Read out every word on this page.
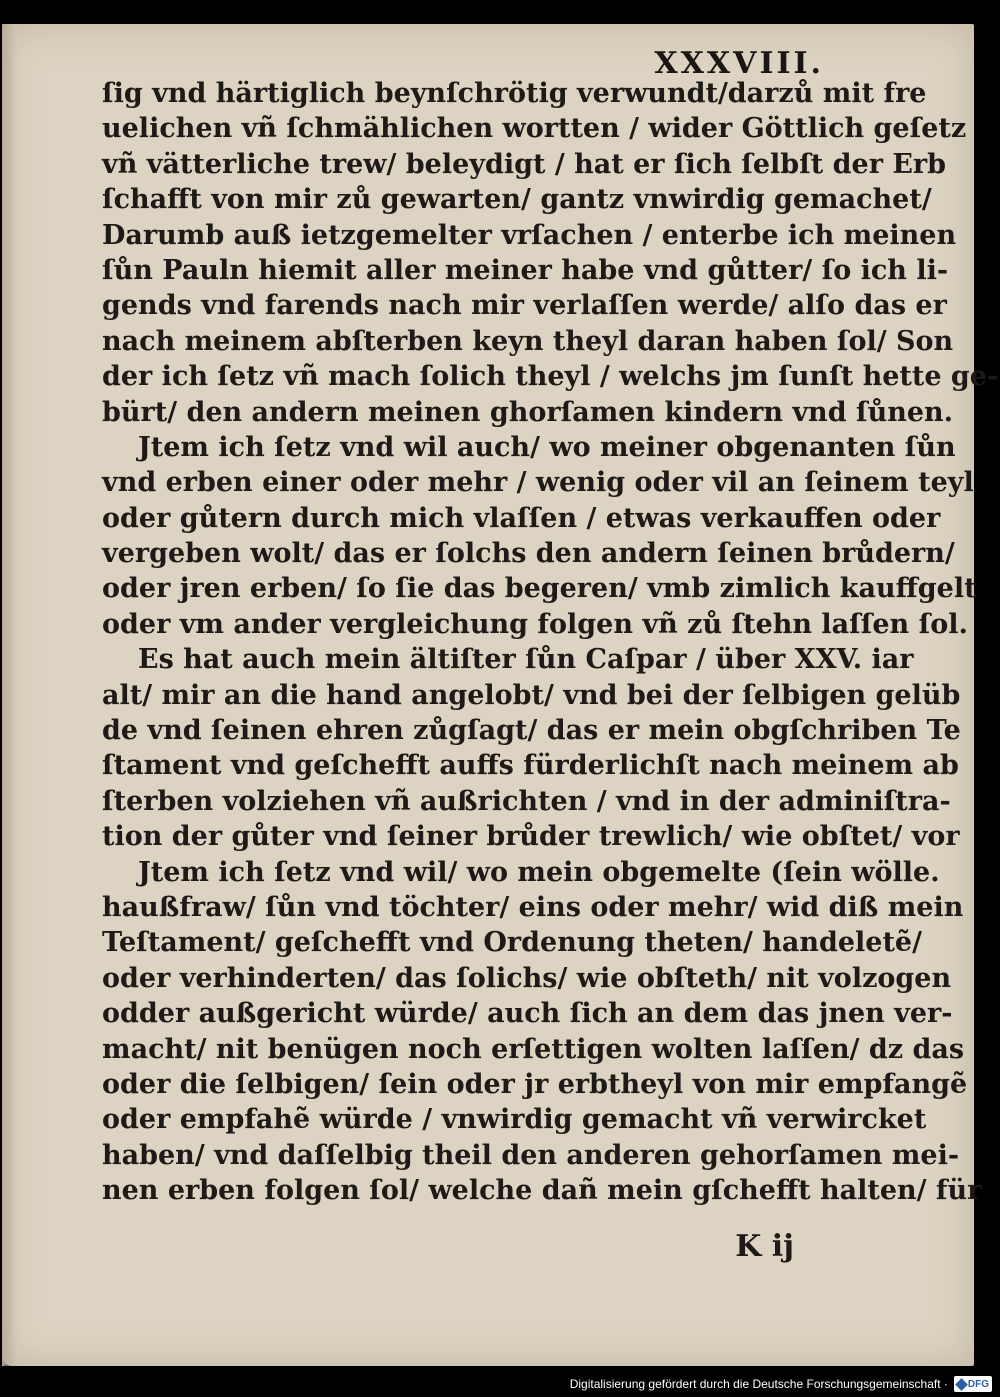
XXXVIII.
ſig vnd härtiglich beynſchrötig verwundt/darzů mit fre
uelichen vñ ſchmählichen wortten / wider Göttlich geſetz
vñ vätterliche trew/ beleydigt / hat er ſich ſelbſt der Erb
ſchafft von mir zů gewarten/ gantz vnwirdig gemachet/
Darumb auß ietzgemelter vrſachen / enterbe ich meinen
ſůn Pauln hiemit aller meiner habe vnd gůtter/ ſo ich li-
gends vnd farends nach mir verlaſſen werde/ alſo das er
nach meinem abſterben keyn theyl daran haben ſol/ Son
der ich ſetz vñ mach ſolich theyl / welchs jm ſunſt hette ge-
bürt/ den andern meinen ghorſamen kindern vnd ſůnen.
Jtem ich ſetz vnd wil auch/ wo meiner obgenanten ſůn
vnd erben einer oder mehr / wenig oder vil an ſeinem teyl
oder gůtern durch mich vlaſſen / etwas verkauffen oder
vergeben wolt/ das er ſolchs den andern ſeinen brůdern/
oder jren erben/ ſo ſie das begeren/ vmb zimlich kauffgelt
oder vm ander vergleichung folgen vñ zů ſtehn laſſen ſol.
Es hat auch mein ältiſter ſůn Caſpar / über XXV. iar
alt/ mir an die hand angelobt/ vnd bei der ſelbigen gelüb
de vnd ſeinen ehren zůgſagt/ das er mein obgſchriben Te
ſtament vnd geſchefft auffs fürderlichſt nach meinem ab
ſterben volziehen vñ außrichten / vnd in der adminiſtra-
tion der gůter vnd ſeiner brůder trewlich/ wie obſtet/ vor
Jtem ich ſetz vnd wil/ wo mein obgemelte (ſein wölle.
haußfraw/ ſůn vnd töchter/ eins oder mehr/ wid diß mein
Teſtament/ geſchefft vnd Ordenung theten/ handeletẽ/
oder verhinderten/ das ſolichs/ wie obſteth/ nit volzogen
odder außgericht würde/ auch ſich an dem das jnen ver-
macht/ nit benügen noch erſettigen wolten laſſen/ dz das
oder die ſelbigen/ ſein oder jr erbtheyl von mir empfangẽ
oder empfahẽ würde / vnwirdig gemacht vñ verwircket
haben/ vnd daſſelbig theil den anderen gehorſamen mei-
nen erben folgen ſol/ welche dañ mein gſchefft halten/ für
K ij
Digitalisierung gefördert durch die Deutsche Forschungsgemeinschaft · DFG
